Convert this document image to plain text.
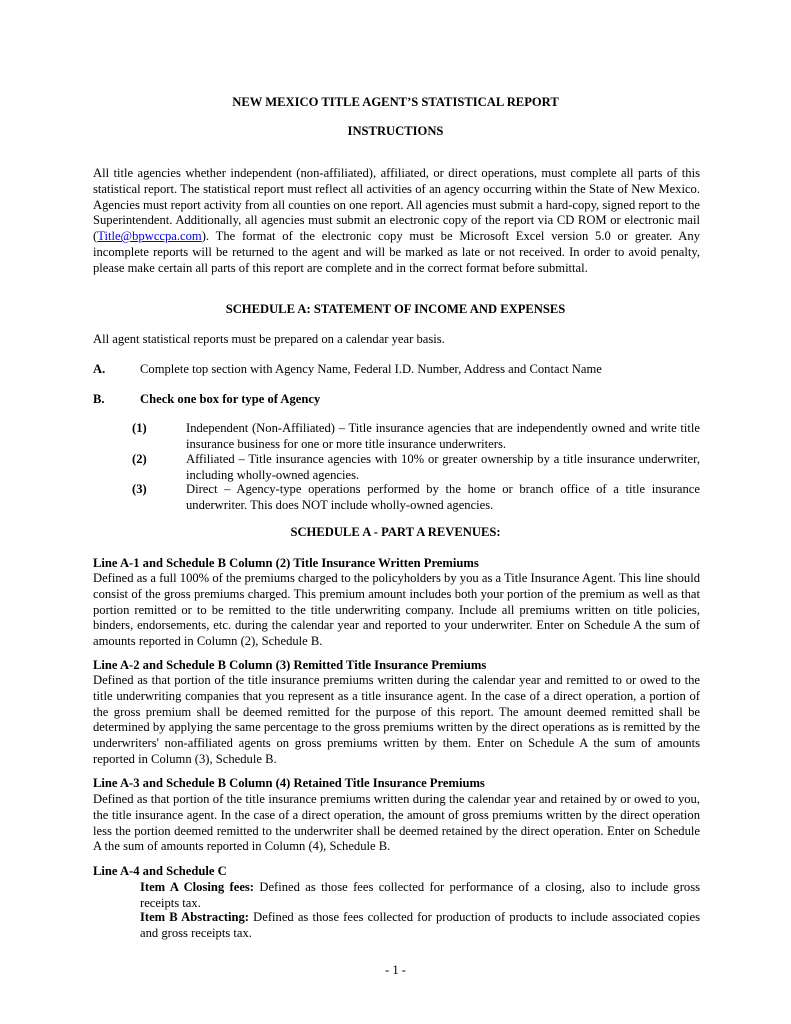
NEW MEXICO TITLE AGENT’S STATISTICAL REPORT
INSTRUCTIONS
All title agencies whether independent (non-affiliated), affiliated, or direct operations, must complete all parts of this statistical report. The statistical report must reflect all activities of an agency occurring within the State of New Mexico. Agencies must report activity from all counties on one report. All agencies must submit a hard-copy, signed report to the Superintendent. Additionally, all agencies must submit an electronic copy of the report via CD ROM or electronic mail (Title@bpwccpa.com). The format of the electronic copy must be Microsoft Excel version 5.0 or greater. Any incomplete reports will be returned to the agent and will be marked as late or not received. In order to avoid penalty, please make certain all parts of this report are complete and in the correct format before submittal.
SCHEDULE A: STATEMENT OF INCOME AND EXPENSES
All agent statistical reports must be prepared on a calendar year basis.
A.	Complete top section with Agency Name, Federal I.D. Number, Address and Contact Name
B.	Check one box for type of Agency
(1)	Independent (Non-Affiliated) – Title insurance agencies that are independently owned and write title insurance business for one or more title insurance underwriters.
(2)	Affiliated – Title insurance agencies with 10% or greater ownership by a title insurance underwriter, including wholly-owned agencies.
(3)	Direct – Agency-type operations performed by the home or branch office of a title insurance underwriter. This does NOT include wholly-owned agencies.
SCHEDULE A - PART A REVENUES:
Line A-1 and Schedule B Column (2) Title Insurance Written Premiums
Defined as a full 100% of the premiums charged to the policyholders by you as a Title Insurance Agent. This line should consist of the gross premiums charged. This premium amount includes both your portion of the premium as well as that portion remitted or to be remitted to the title underwriting company. Include all premiums written on title policies, binders, endorsements, etc. during the calendar year and reported to your underwriter. Enter on Schedule A the sum of amounts reported in Column (2), Schedule B.
Line A-2 and Schedule B Column (3) Remitted Title Insurance Premiums
Defined as that portion of the title insurance premiums written during the calendar year and remitted to or owed to the title underwriting companies that you represent as a title insurance agent. In the case of a direct operation, a portion of the gross premium shall be deemed remitted for the purpose of this report. The amount deemed remitted shall be determined by applying the same percentage to the gross premiums written by the direct operations as is remitted by the underwriters' non-affiliated agents on gross premiums written by them. Enter on Schedule A the sum of amounts reported in Column (3), Schedule B.
Line A-3 and Schedule B Column (4) Retained Title Insurance Premiums
Defined as that portion of the title insurance premiums written during the calendar year and retained by or owed to you, the title insurance agent. In the case of a direct operation, the amount of gross premiums written by the direct operation less the portion deemed remitted to the underwriter shall be deemed retained by the direct operation. Enter on Schedule A the sum of amounts reported in Column (4), Schedule B.
Line A-4 and Schedule C
Item A Closing fees: Defined as those fees collected for performance of a closing, also to include gross receipts tax.
Item B Abstracting: Defined as those fees collected for production of products to include associated copies and gross receipts tax.
- 1 -
